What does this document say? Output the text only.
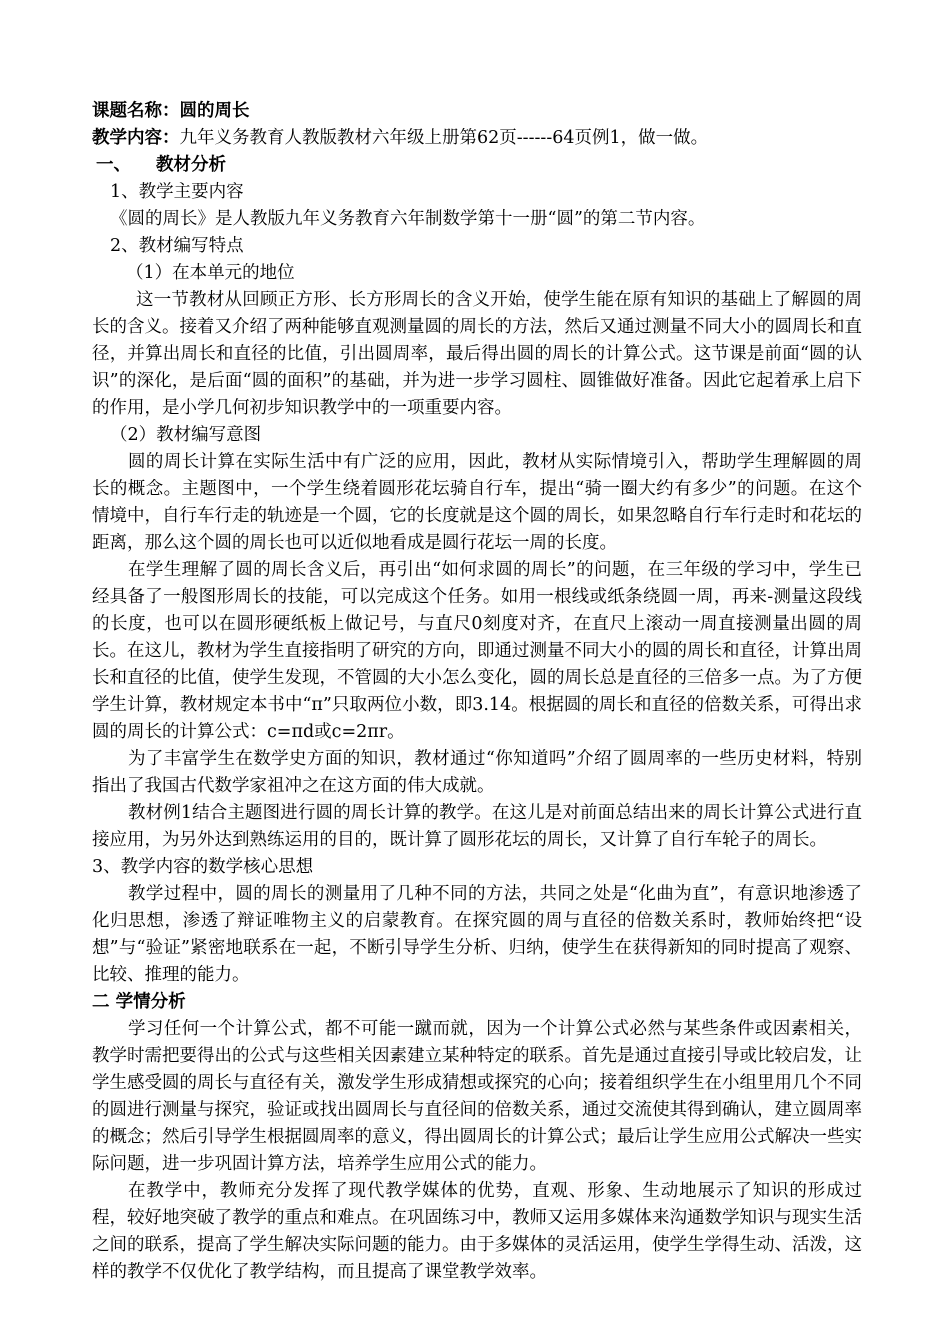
课题名称：圆的周长

教学内容：九年义务教育人教版教材六年级上册第62页------64页例1，做一做。

一、 教材分析

1、教学主要内容

《圆的周长》是人教版九年义务教育六年制数学第十一册“圆”的第二节内容。

2、教材编写特点

（1）在本单元的地位

这一节教材从回顾正方形、长方形周长的含义开始，使学生能在原有知识的基础上了解圆的周长的含义。接着又介绍了两种能够直观测量圆的周长的方法，然后又通过测量不同大小的圆周长和直径，并算出周长和直径的比值，引出圆周率，最后得出圆的周长的计算公式。这节课是前面“圆的认识”的深化，是后面“圆的面积”的基础，并为进一步学习圆柱、圆锥做好准备。因此它起着承上启下的作用，是小学几何初步知识教学中的一项重要内容。

（2）教材编写意图

圆的周长计算在实际生活中有广泛的应用，因此，教材从实际情境引入，帮助学生理解圆的周长的概念。主题图中，一个学生绕着圆形花坛骑自行车，提出“骑一圈大约有多少”的问题。在这个情境中，自行车行走的轨迹是一个圆，它的长度就是这个圆的周长，如果忽略自行车行走时和花坛的距离，那么这个圆的周长也可以近似地看成是圆行花坛一周的长度。

在学生理解了圆的周长含义后，再引出“如何求圆的周长”的问题，在三年级的学习中，学生已经具备了一般图形周长的技能，可以完成这个任务。如用一根线或纸条绕圆一周，再来-测量这段线的长度，也可以在圆形硬纸板上做记号，与直尺0刻度对齐，在直尺上滚动一周直接测量出圆的周长。在这儿，教材为学生直接指明了研究的方向，即通过测量不同大小的圆的周长和直径，计算出周长和直径的比值，使学生发现，不管圆的大小怎么变化，圆的周长总是直径的三倍多一点。为了方便学生计算，教材规定本书中“π”只取两位小数，即3.14。根据圆的周长和直径的倍数关系，可得出求圆的周长的计算公式：c=πd或c=2πr。

为了丰富学生在数学史方面的知识，教材通过“你知道吗”介绍了圆周率的一些历史材料，特别指出了我国古代数学家祖冲之在这方面的伟大成就。

教材例1结合主题图进行圆的周长计算的教学。在这儿是对前面总结出来的周长计算公式进行直接应用，为另外达到熟练运用的目的，既计算了圆形花坛的周长，又计算了自行车轮子的周长。

3、教学内容的数学核心思想

教学过程中，圆的周长的测量用了几种不同的方法，共同之处是“化曲为直”，有意识地渗透了化归思想，渗透了辩证唯物主义的启蒙教育。在探究圆的周与直径的倍数关系时，教师始终把“设想”与“验证”紧密地联系在一起，不断引导学生分析、归纳，使学生在获得新知的同时提高了观察、比较、推理的能力。

二 学情分析

学习任何一个计算公式，都不可能一蹴而就，因为一个计算公式必然与某些条件或因素相关，教学时需把要得出的公式与这些相关因素建立某种特定的联系。首先是通过直接引导或比较启发，让学生感受圆的周长与直径有关，激发学生形成猜想或探究的心向；接着组织学生在小组里用几个不同的圆进行测量与探究，验证或找出圆周长与直径间的倍数关系，通过交流使其得到确认，建立圆周率的概念；然后引导学生根据圆周率的意义，得出圆周长的计算公式；最后让学生应用公式解决一些实际问题，进一步巩固计算方法，培养学生应用公式的能力。

在教学中，教师充分发挥了现代教学媒体的优势，直观、形象、生动地展示了知识的形成过程，较好地突破了教学的重点和难点。在巩固练习中，教师又运用多媒体来沟通数学知识与现实生活之间的联系，提高了学生解决实际问题的能力。由于多媒体的灵活运用，使学生学得生动、活泼，这样的教学不仅优化了教学结构，而且提高了课堂教学效率。
